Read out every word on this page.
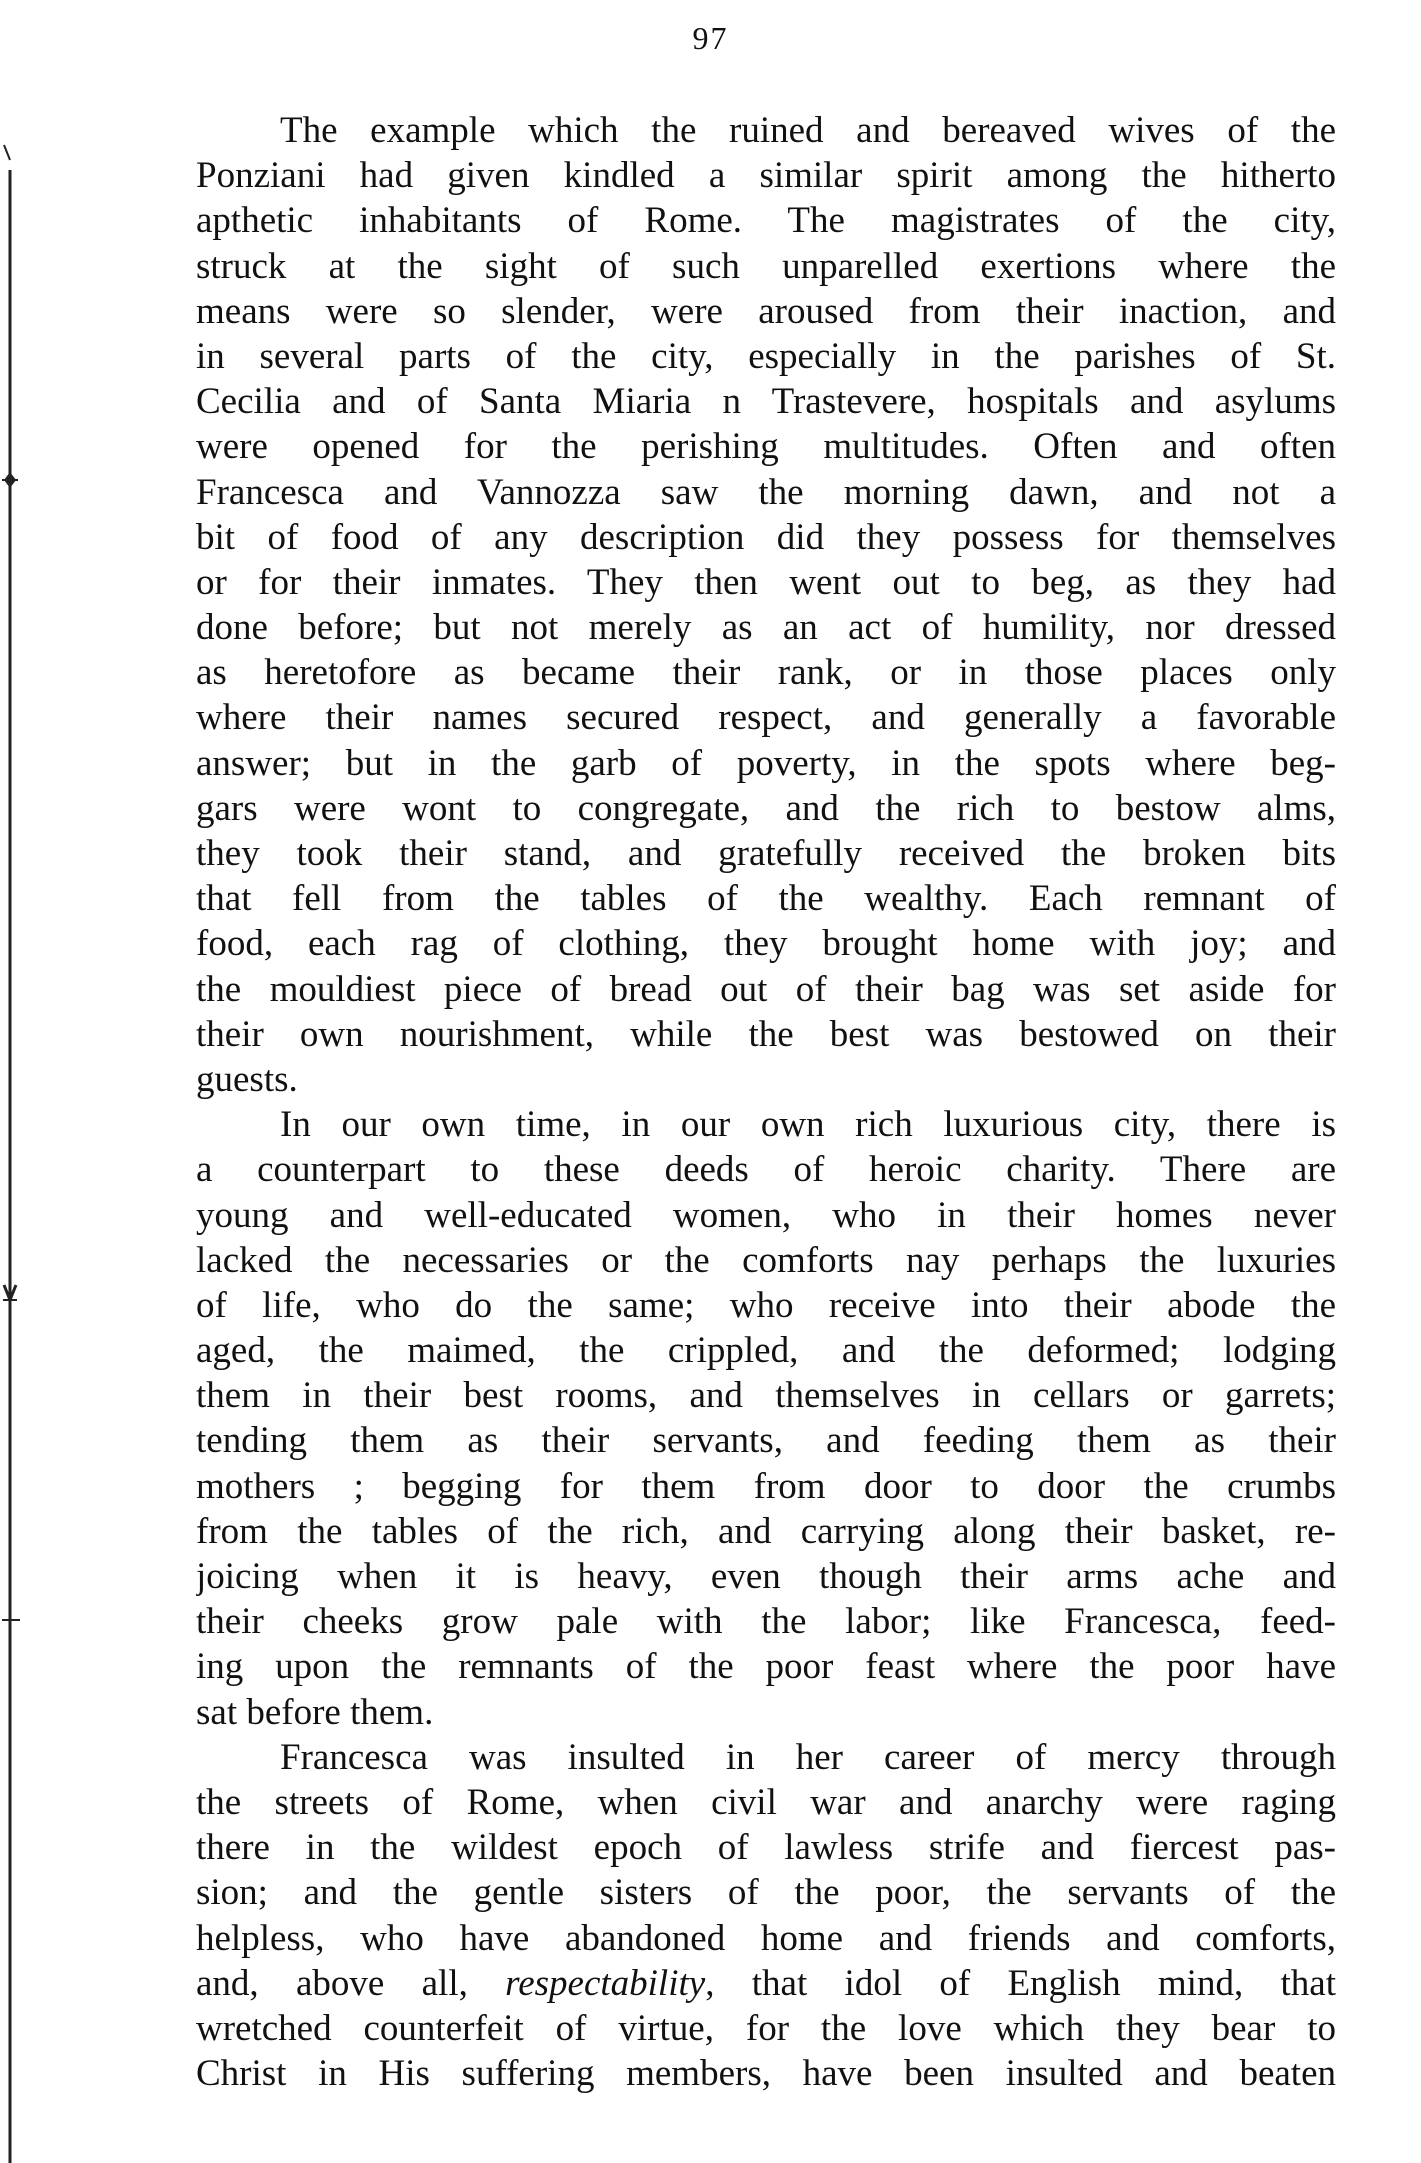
97
The example which the ruined and bereaved wives of the
Ponziani had given kindled a similar spirit among the hitherto
apthetic inhabitants of Rome. The magistrates of the city,
struck at the sight of such unparelled exertions where the
means were so slender, were aroused from their inaction, and
in several parts of the city, especially in the parishes of St.
Cecilia and of Santa Miaria n Trastevere, hospitals and asylums
were opened for the perishing multitudes. Often and often
Francesca and Vannozza saw the morning dawn, and not a
bit of food of any description did they possess for themselves
or for their inmates. They then went out to beg, as they had
done before; but not merely as an act of humility, nor dressed
as heretofore as became their rank, or in those places only
where their names secured respect, and generally a favorable
answer; but in the garb of poverty, in the spots where beg-
gars were wont to congregate, and the rich to bestow alms,
they took their stand, and gratefully received the broken bits
that fell from the tables of the wealthy. Each remnant of
food, each rag of clothing, they brought home with joy; and
the mouldiest piece of bread out of their bag was set aside for
their own nourishment, while the best was bestowed on their
guests.
In our own time, in our own rich luxurious city, there is
a counterpart to these deeds of heroic charity. There are
young and well-educated women, who in their homes never
lacked the necessaries or the comforts nay perhaps the luxuries
of life, who do the same; who receive into their abode the
aged, the maimed, the crippled, and the deformed; lodging
them in their best rooms, and themselves in cellars or garrets;
tending them as their servants, and feeding them as their
mothers ; begging for them from door to door the crumbs
from the tables of the rich, and carrying along their basket, re-
joicing when it is heavy, even though their arms ache and
their cheeks grow pale with the labor; like Francesca, feed-
ing upon the remnants of the poor feast where the poor have
sat before them.
Francesca was insulted in her career of mercy through
the streets of Rome, when civil war and anarchy were raging
there in the wildest epoch of lawless strife and fiercest pas-
sion; and the gentle sisters of the poor, the servants of the
helpless, who have abandoned home and friends and comforts,
and, above all, respectability, that idol of English mind, that
wretched counterfeit of virtue, for the love which they bear to
Christ in His suffering members, have been insulted and beaten
